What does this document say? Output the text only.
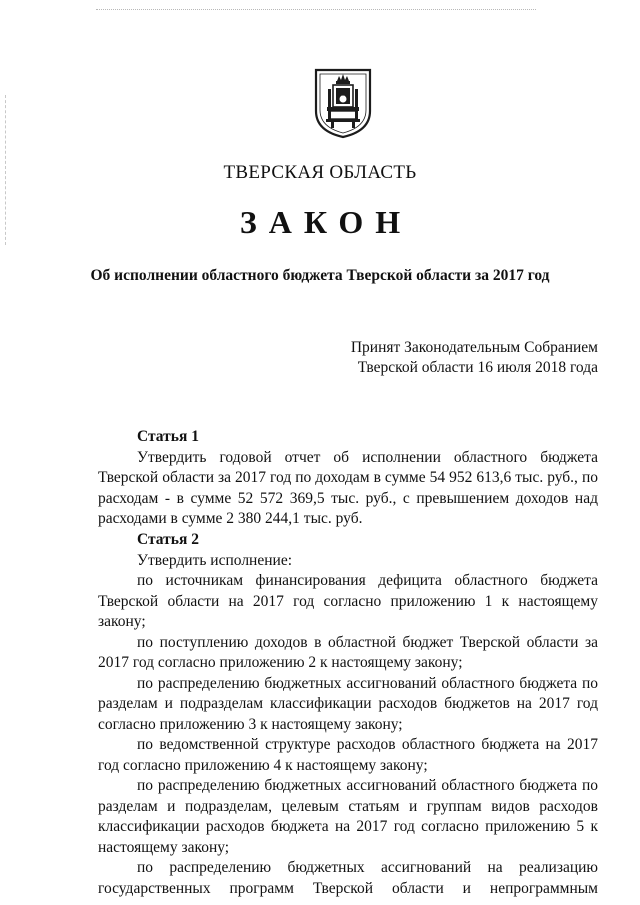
ТВЕРСКАЯ ОБЛАСТЬ
ЗАКОН
Об исполнении областного бюджета Тверской области за 2017 год
Принят Законодательным Собранием
Тверской области 16 июля 2018 года
Статья 1

Утвердить годовой отчет об исполнении областного бюджета Тверской области за 2017 год по доходам в сумме 54 952 613,6 тыс. руб., по расходам - в сумме 52 572 369,5 тыс. руб., с превышением доходов над расходами в сумме 2 380 244,1 тыс. руб.

Статья 2
Утвердить исполнение:

по источникам финансирования дефицита областного бюджета Тверской области на 2017 год согласно приложению 1 к настоящему закону;

по поступлению доходов в областной бюджет Тверской области за 2017 год согласно приложению 2 к настоящему закону;

по распределению бюджетных ассигнований областного бюджета по разделам и подразделам классификации расходов бюджетов на 2017 год согласно приложению 3 к настоящему закону;

по ведомственной структуре расходов областного бюджета на 2017 год согласно приложению 4 к настоящему закону;

по распределению бюджетных ассигнований областного бюджета по разделам и подразделам, целевым статьям и группам видов расходов классификации расходов бюджета на 2017 год согласно приложению 5 к настоящему закону;

по распределению бюджетных ассигнований на реализацию государственных программ Тверской области и непрограммным
